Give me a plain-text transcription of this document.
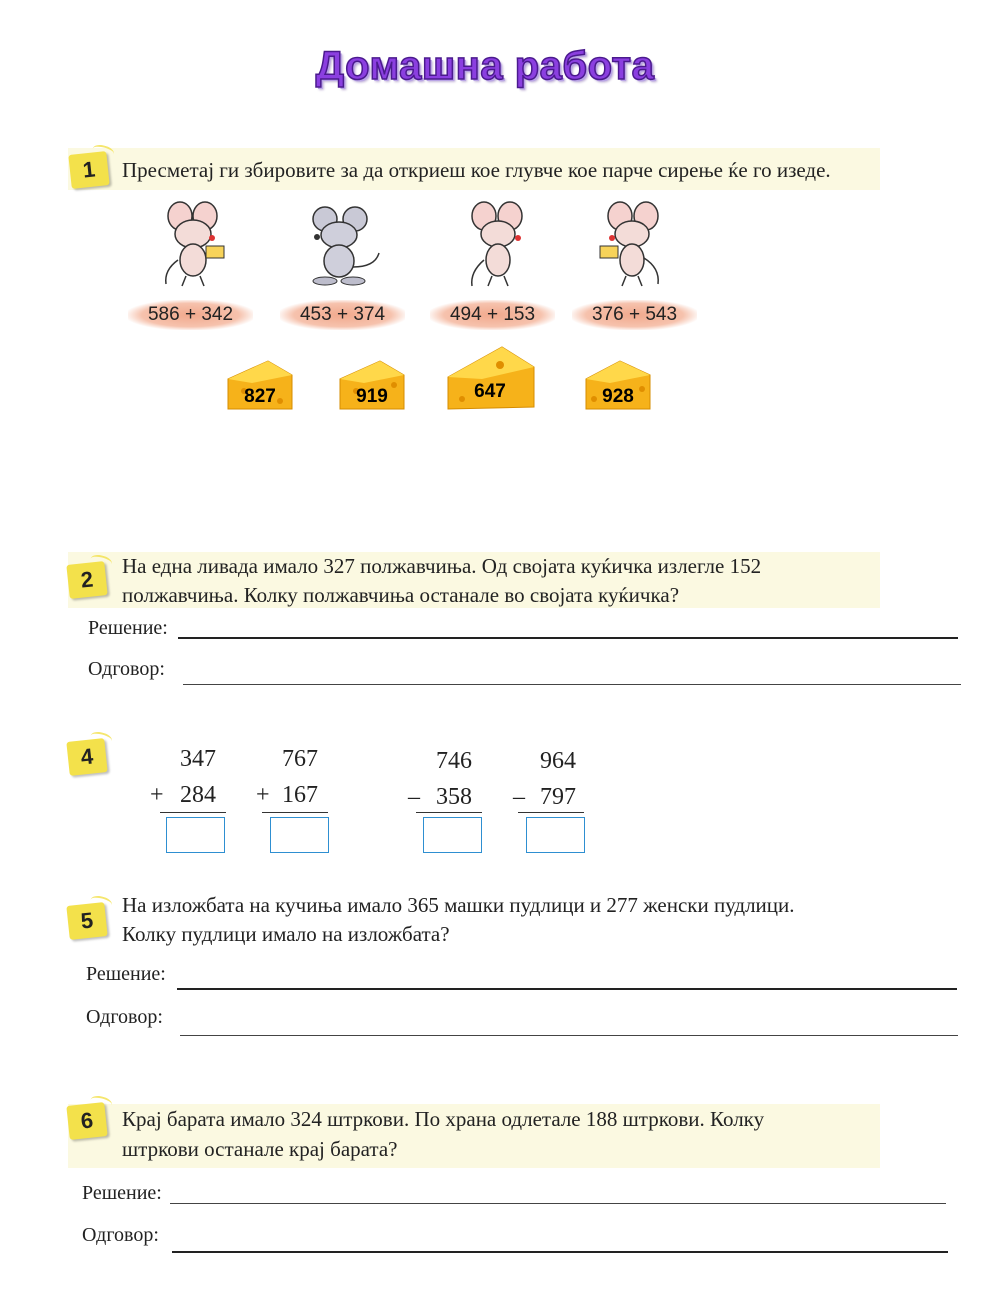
Домашна работа
1	Пресметај ги збировите за да откриеш кое глувче кое парче сирење ќе го изеде.
586 + 342	453 + 374	494 + 153	376 + 543
827	919	647	928
2
На една ливада имало 327 полжавчиња. Од својата куќичка излегле 152
полжавчиња. Колку полжавчиња останале во својата куќичка?
Решение:
Одговор:
4	347
+ 284
767
+ 167
746
– 358
964
– 797
5
На изложбата на кучиња имало 365 машки пудлици и 277 женски пудлици.
Колку пудлици имало на изложбата?
Решение:
Одговор:
6	Крај барата имало 324 штркови. По храна одлетале 188 штркови. Колку
штркови останале крај барата?
Решение:
Одговор:
